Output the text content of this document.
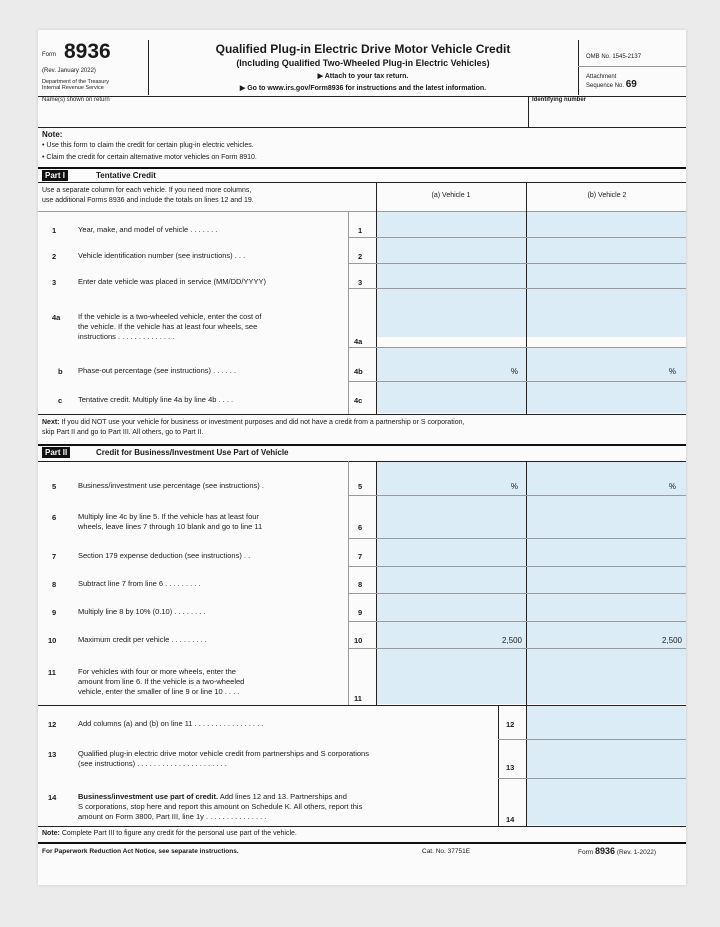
Form 8936
(Rev. January 2022)
Department of the Treasury
Internal Revenue Service
Qualified Plug-in Electric Drive Motor Vehicle Credit
(Including Qualified Two-Wheeled Plug-in Electric Vehicles)
▶ Attach to your tax return.
▶ Go to www.irs.gov/Form8936 for instructions and the latest information.
OMB No. 1545-2137
Attachment
Sequence No. 69
Name(s) shown on return	Identifying number
Note:
• Use this form to claim the credit for certain plug-in electric vehicles.
• Claim the credit for certain alternative motor vehicles on Form 8910.
Part I	Tentative Credit
Use a separate column for each vehicle. If you need more columns,
use additional Forms 8936 and include the totals on lines 12 and 19.
(a) Vehicle 1	(b) Vehicle 2
1	Year, make, and model of vehicle . . . . . . .	1
2	Vehicle identification number (see instructions) . . .	2
3	Enter date vehicle was placed in service (MM/DD/YYYY)	3
4a If the vehicle is a two-wheeled vehicle, enter the cost of
the vehicle. If the vehicle has at least four wheels, see
instructions . . . . . . . . . . . . . .
4a
b Phase-out percentage (see instructions) . . . . . .	4b	%	%
c Tentative credit. Multiply line 4a by line 4b . . . .	4c
Next: If you did NOT use your vehicle for business or investment purposes and did not have a credit from a partnership or S corporation,
skip Part II and go to Part III. All others, go to Part II.
Part II	Credit for Business/Investment Use Part of Vehicle
5	Business/investment use percentage (see instructions) .	5	%	%
6	Multiply line 4c by line 5. If the vehicle has at least four
wheels, leave lines 7 through 10 blank and go to line 11	6
7	Section 179 expense deduction (see instructions) . .	7
8	Subtract line 7 from line 6 . . . . . . . . .	8
9	Multiply line 8 by 10% (0.10) . . . . . . . .	9
10	Maximum credit per vehicle . . . . . . . . .	10	2,500	2,500
11	For vehicles with four or more wheels, enter the
amount from line 6. If the vehicle is a two-wheeled
vehicle, enter the smaller of line 9 or line 10 . . . .
11
12	Add columns (a) and (b) on line 11 . . . . . . . . . . . . . . . . .	12
13	Qualified plug-in electric drive motor vehicle credit from partnerships and S corporations
(see instructions) . . . . . . . . . . . . . . . . . . . . . .	13
14	Business/investment use part of credit. Add lines 12 and 13. Partnerships and
S corporations, stop here and report this amount on Schedule K. All others, report this
amount on Form 3800, Part III, line 1y . . . . . . . . . . . . . . .	14
Note: Complete Part III to figure any credit for the personal use part of the vehicle.
For Paperwork Reduction Act Notice, see separate instructions.	Cat. No. 37751E	Form 8936 (Rev. 1-2022)
